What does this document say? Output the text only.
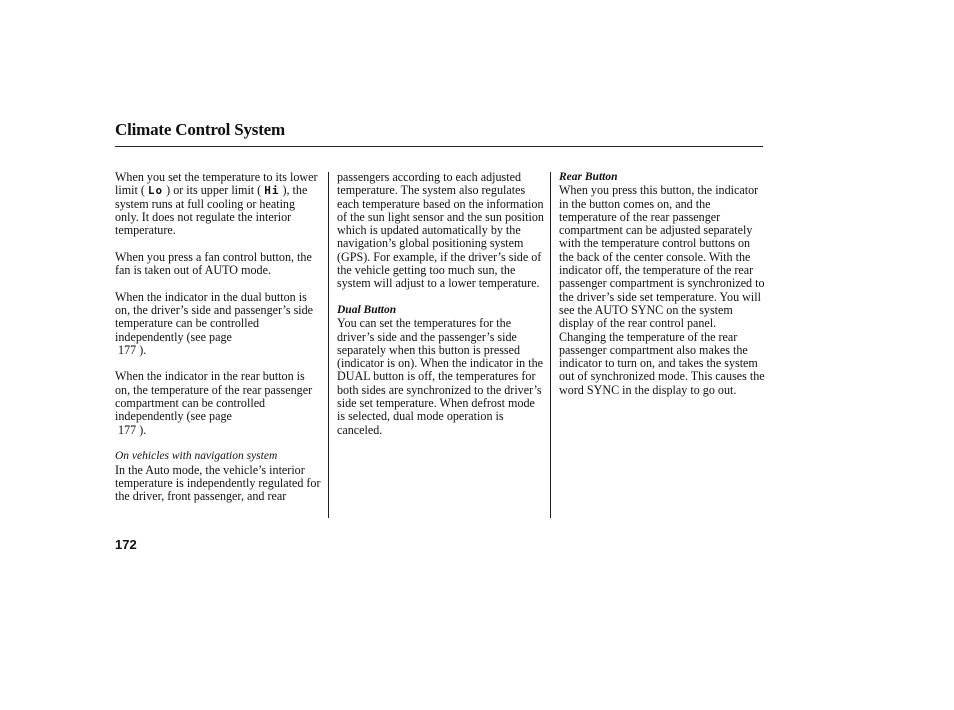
Climate Control System

When you set the temperature to its lower limit ( Lo ) or its upper limit ( Hi ), the system runs at full cooling or heating only. It does not regulate the interior temperature.

When you press a fan control button, the fan is taken out of AUTO mode.

When the indicator in the dual button is on, the driver’s side and passenger’s side temperature can be controlled independently (see page
177 ).

When the indicator in the rear button is on, the temperature of the rear passenger compartment can be controlled independently (see page
177 ).

On vehicles with navigation system

In the Auto mode, the vehicle’s interior temperature is independently regulated for the driver, front passenger, and rear

passengers according to each adjusted temperature. The system also regulates each temperature based on the information of the sun light sensor and the sun position which is updated automatically by the navigation’s global positioning system (GPS). For example, if the driver’s side of the vehicle getting too much sun, the system will adjust to a lower temperature.

Dual Button

You can set the temperatures for the driver’s side and the passenger’s side separately when this button is pressed (indicator is on). When the indicator in the DUAL button is off, the temperatures for both sides are synchronized to the driver’s side set temperature. When defrost mode is selected, dual mode operation is canceled.

Rear Button

When you press this button, the indicator in the button comes on, and the temperature of the rear passenger compartment can be adjusted separately with the temperature control buttons on the back of the center console. With the indicator off, the temperature of the rear passenger compartment is synchronized to the driver’s side set temperature. You will see the AUTO SYNC on the system display of the rear control panel. Changing the temperature of the rear passenger compartment also makes the indicator to turn on, and takes the system out of synchronized mode. This causes the word SYNC in the display to go out.

172
